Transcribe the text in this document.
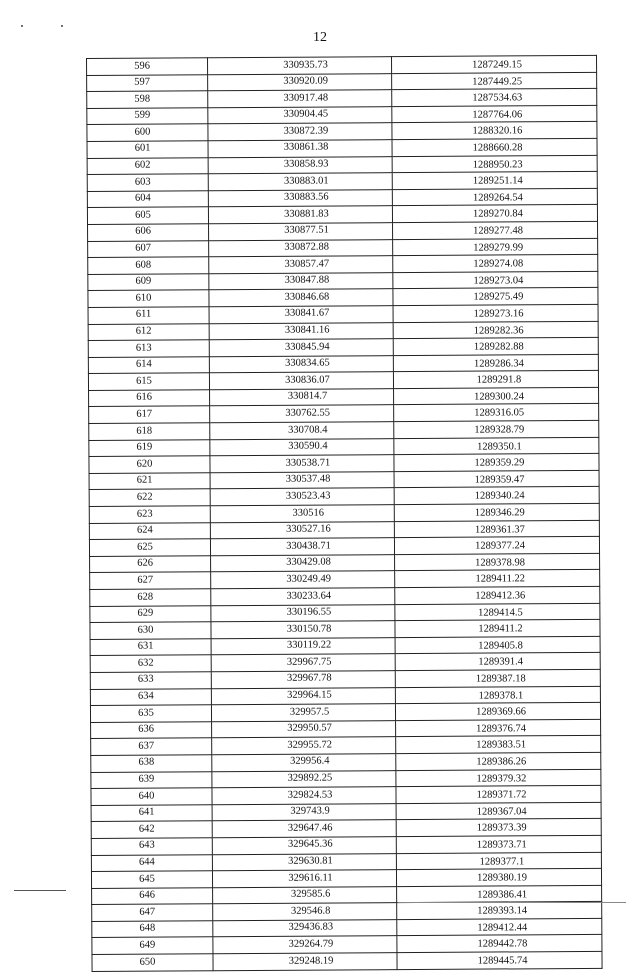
12
596	330935.73	1287249.15
597	330920.09	1287449.25
598	330917.48	1287534.63
599	330904.45	1287764.06
600	330872.39	1288320.16
601	330861.38	1288660.28
602	330858.93	1288950.23
603	330883.01	1289251.14
604	330883.56	1289264.54
605	330881.83	1289270.84
606	330877.51	1289277.48
607	330872.88	1289279.99
608	330857.47	1289274.08
609	330847.88	1289273.04
610	330846.68	1289275.49
611	330841.67	1289273.16
612	330841.16	1289282.36
613	330845.94	1289282.88
614	330834.65	1289286.34
615	330836.07	1289291.8
616	330814.7	1289300.24
617	330762.55	1289316.05
618	330708.4	1289328.79
619	330590.4	1289350.1
620	330538.71	1289359.29
621	330537.48	1289359.47
622	330523.43	1289340.24
623	330516	1289346.29
624	330527.16	1289361.37
625	330438.71	1289377.24
626	330429.08	1289378.98
627	330249.49	1289411.22
628	330233.64	1289412.36
629	330196.55	1289414.5
630	330150.78	1289411.2
631	330119.22	1289405.8
632	329967.75	1289391.4
633	329967.78	1289387.18
634	329964.15	1289378.1
635	329957.5	1289369.66
636	329950.57	1289376.74
637	329955.72	1289383.51
638	329956.4	1289386.26
639	329892.25	1289379.32
640	329824.53	1289371.72
641	329743.9	1289367.04
642	329647.46	1289373.39
643	329645.36	1289373.71
644	329630.81	1289377.1
645	329616.11	1289380.19
646	329585.6	1289386.41
647	329546.8	1289393.14
648	329436.83	1289412.44
649	329264.79	1289442.78
650	329248.19	1289445.74
